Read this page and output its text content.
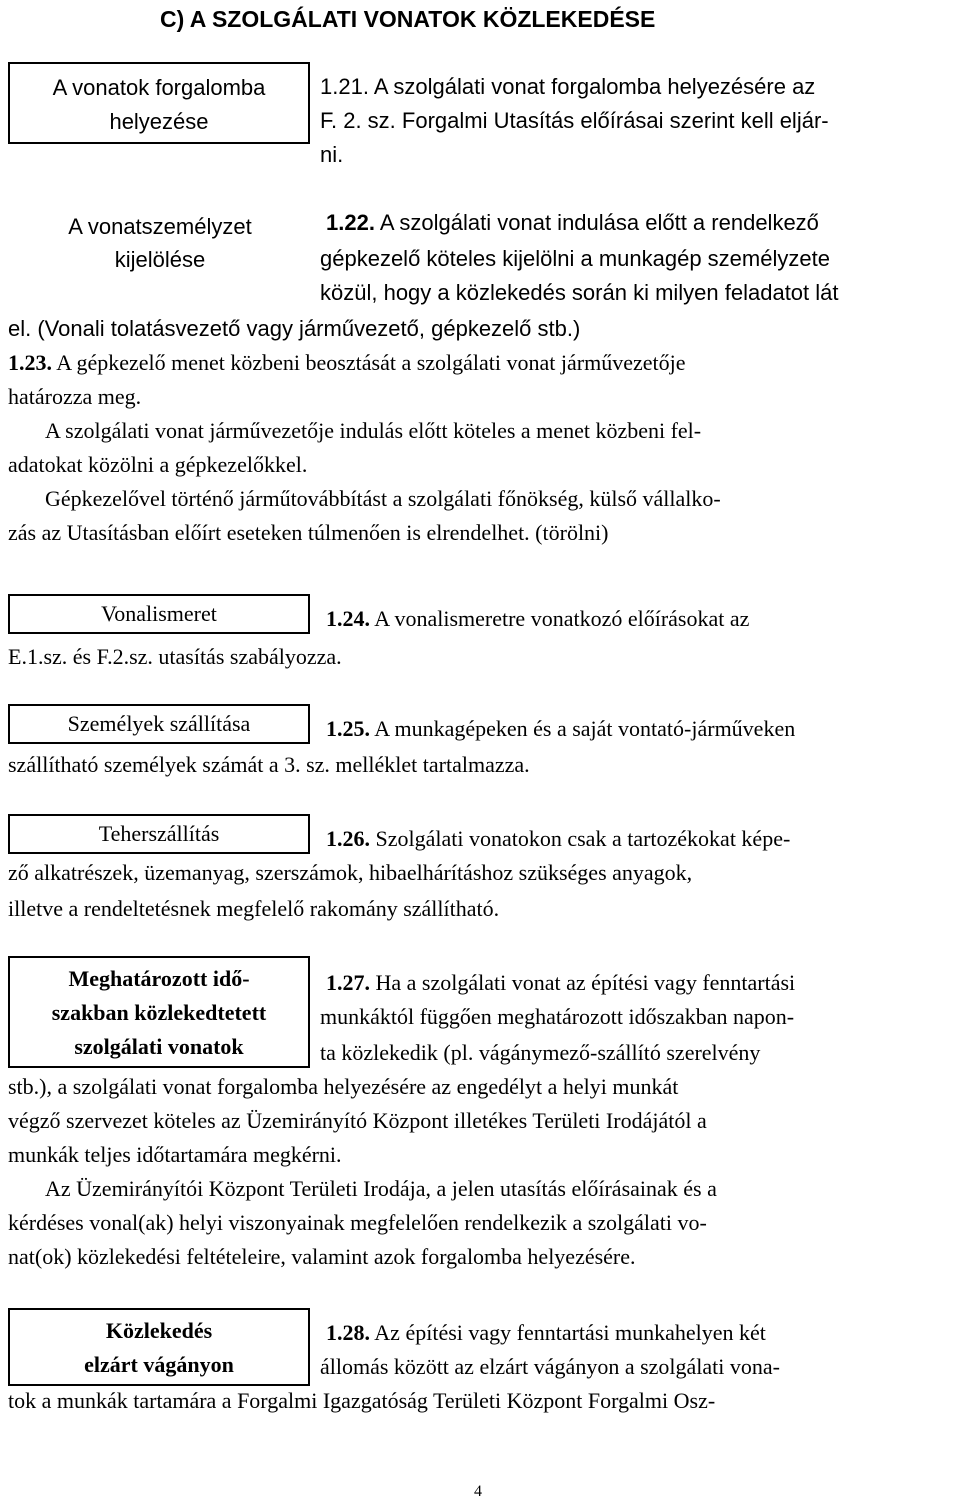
C) A SZOLGÁLATI VONATOK KÖZLEKEDÉSE
A vonatok forgalomba
helyezése
1.21. A szolgálati vonat forgalomba helyezésére az
F. 2. sz. Forgalmi Utasítás előírásai szerint kell eljár-
ni.
A vonatszemélyzet
kijelölése
1.22. A szolgálati vonat indulása előtt a rendelkező
gépkezelő köteles kijelölni a munkagép személyzete
közül, hogy a közlekedés során ki milyen feladatot lát
el. (Vonali tolatásvezető vagy járművezető, gépkezelő stb.)
1.23. A gépkezelő menet közbeni beosztását a szolgálati vonat járművezetője
határozza meg.
A szolgálati vonat járművezetője indulás előtt köteles a menet közbeni fel-
adatokat közölni a gépkezelőkkel.
Gépkezelővel történő járműtovábbítást a szolgálati főnökség, külső vállalko-
zás az Utasításban előírt eseteken túlmenően is elrendelhet. (törölni)
Vonalismeret	1.24. A vonalismeretre vonatkozó előírásokat az
E.1.sz. és F.2.sz. utasítás szabályozza.
Személyek szállítása	1.25. A munkagépeken és a saját vontató-járműveken
szállítható személyek számát a 3. sz. melléklet tartalmazza.
Teherszállítás	1.26. Szolgálati vonatokon csak a tartozékokat képe-
ző alkatrészek, üzemanyag, szerszámok, hibaelhárításhoz szükséges anyagok,
illetve a rendeltetésnek megfelelő rakomány szállítható.
Meghatározott idő-
szakban közlekedtetett
szolgálati vonatok
1.27. Ha a szolgálati vonat az építési vagy fenntartási
munkáktól függően meghatározott időszakban napon-
ta közlekedik (pl. vágánymező-szállító szerelvény
stb.), a szolgálati vonat forgalomba helyezésére az engedélyt a helyi munkát
végző szervezet köteles az Üzemirányító Központ illetékes Területi Irodájától a
munkák teljes időtartamára megkérni.
Az Üzemirányítói Központ Területi Irodája, a jelen utasítás előírásainak és a
kérdéses vonal(ak) helyi viszonyainak megfelelően rendelkezik a szolgálati vo-
nat(ok) közlekedési feltételeire, valamint azok forgalomba helyezésére.
Közlekedés
elzárt vágányon
1.28. Az építési vagy fenntartási munkahelyen két
állomás között az elzárt vágányon a szolgálati vona-
tok a munkák tartamára a Forgalmi Igazgatóság Területi Központ Forgalmi Osz-
4
